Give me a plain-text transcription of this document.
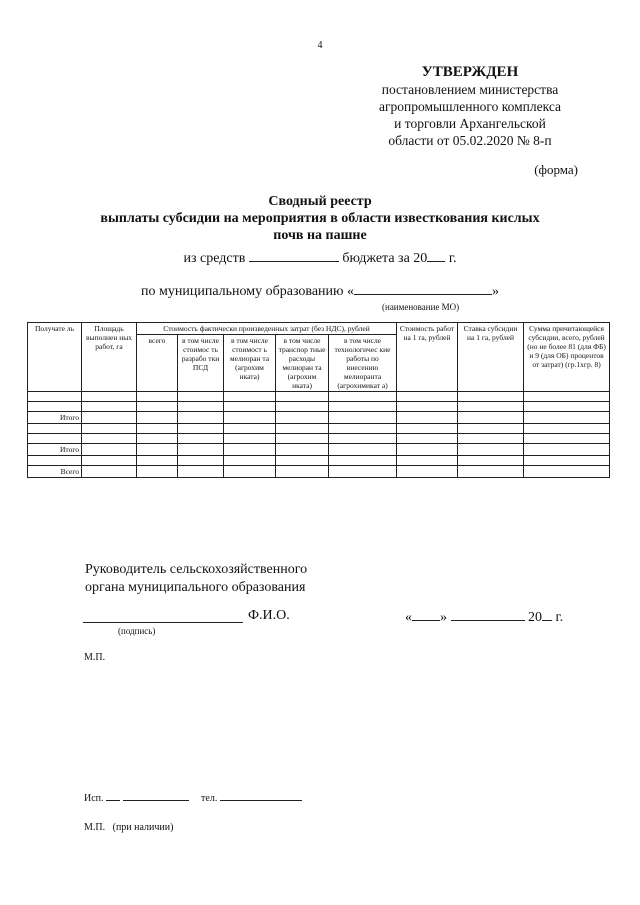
4
УТВЕРЖДЕН
постановлением министерства
агропромышленного комплекса
и торговли Архангельской
области от 05.02.2020 № 8-п
(форма)
Сводный реестр
выплаты субсидии на мероприятия в области известкования кислых
почв на пашне
из средств	бюджета за 20 г.
по муниципальному образованию «	»
(наименование МО)
Получате ль	Площадь выполнен ных работ, га	Стоимость фактически произведенных затрат (без НДС), рублей					Стоимость работ на 1 га, рублей	Ставка субсидии на 1 га, рублей	Сумма причитающейся субсидии, всего, рублей (но не более 81 (для ФБ) и 9 (для ОБ) процентов от затрат) (гр.1хгр. 8)
		всего	в том числе стоимос ть разрабо тки ПСД	в том числе стоимост ь мелиоран та (агрохим иката)	в том числе транспор тные расходы мелиоран та (агрохим иката)	в том числе технологичес кие работы по внесению мелиоранта (агрохимикат а)			

Итого									

Итого									

Всего									
Руководитель сельскохозяйственного
органа муниципального образования
Ф.И.О.
(подпись)
« »	20 г.
М.П.
Исп.	тел.
М.П. (при наличии)
